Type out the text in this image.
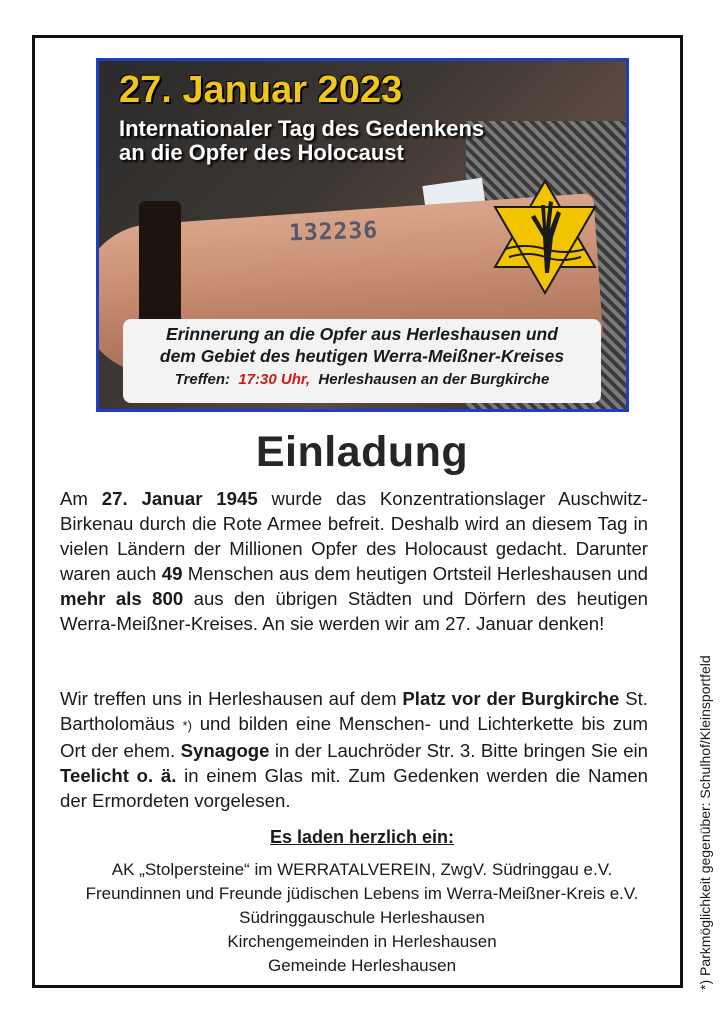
132236
27. Januar 2023
Internationaler Tag des Gedenkens
an die Opfer des Holocaust
Erinnerung an die Opfer aus Herleshausen und
dem Gebiet des heutigen Werra-Meißner-Kreises
Treffen: 17:30 Uhr, Herleshausen an der Burgkirche
Einladung
Am 27. Januar 1945 wurde das Konzentrationslager Auschwitz-Birkenau durch die Rote Armee befreit. Deshalb wird an diesem Tag in vielen Ländern der Millionen Opfer des Holocaust gedacht. Darunter waren auch 49 Menschen aus dem heutigen Ortsteil Herleshausen und mehr als 800 aus den übrigen Städten und Dörfern des heutigen Werra-Meißner-Kreises. An sie werden wir am 27. Januar denken!
Wir treffen uns in Herleshausen auf dem Platz vor der Burgkirche St. Bartholomäus *) und bilden eine Menschen- und Lichterkette bis zum Ort der ehem. Synagoge in der Lauchröder Str. 3. Bitte bringen Sie ein Teelicht o. ä. in einem Glas mit. Zum Gedenken werden die Namen der Ermordeten vorgelesen.
Es laden herzlich ein:
AK „Stolpersteine“ im WERRATALVEREIN, ZwgV. Südringgau e.V.
Freundinnen und Freunde jüdischen Lebens im Werra-Meißner-Kreis e.V.
Südringgauschule Herleshausen
Kirchengemeinden in Herleshausen
Gemeinde Herleshausen	*) Parkmöglichkeit gegenüber: Schulhof/Kleinsportfeld
